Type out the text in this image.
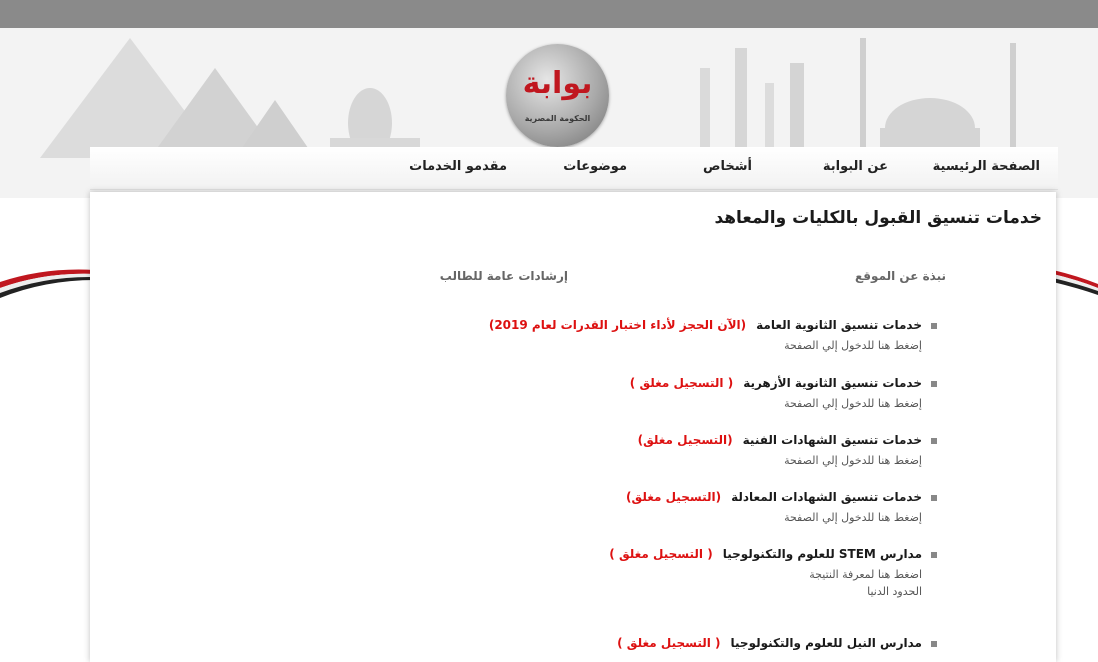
بوابة
الحكومة المصرية
الصفحة الرئيسية
عن البوابة
أشخاص
موضوعات
مقدمو الخدمات
خدمات تنسيق القبول بالكليات والمعاهد
نبذة عن الموقع
إرشادات عامة للطالب
خدمات تنسيق الثانوية العامة(الآن الحجز لأداء اختبار القدرات لعام 2019)
إضغط هنا للدخول إلي الصفحة
خدمات تنسيق الثانوية الأزهرية( التسجيل مغلق )
إضغط هنا للدخول إلي الصفحة
خدمات تنسيق الشهادات الفنية(التسجيل مغلق)
إضغط هنا للدخول إلي الصفحة
خدمات تنسيق الشهادات المعادلة(التسجيل مغلق)
إضغط هنا للدخول إلي الصفحة
مدارس STEM للعلوم والتكنولوجيا( التسجيل مغلق )
اضغط هنا لمعرفة النتيجة
الحدود الدنيا
مدارس النيل للعلوم والتكنولوجيا( التسجيل مغلق )
